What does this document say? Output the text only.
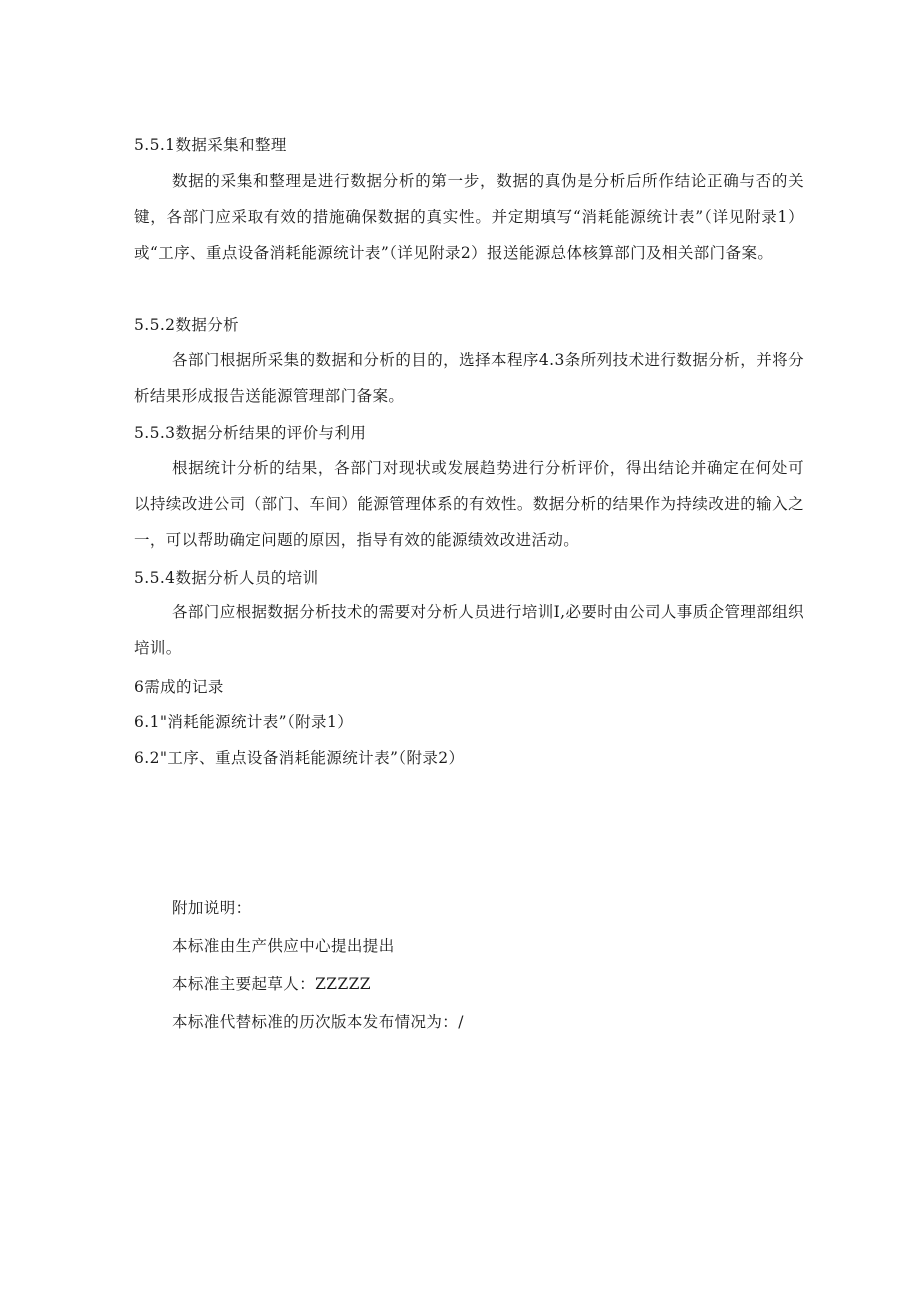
5.5.1数据采集和整理
数据的采集和整理是进行数据分析的第一步，数据的真伪是分析后所作结论正确与否的关键，各部门应采取有效的措施确保数据的真实性。并定期填写“消耗能源统计表”（详见附录1）或“工序、重点设备消耗能源统计表”（详见附录2）报送能源总体核算部门及相关部门备案。
5.5.2数据分析
各部门根据所采集的数据和分析的目的，选择本程序4.3条所列技术进行数据分析，并将分析结果形成报告送能源管理部门备案。
5.5.3数据分析结果的评价与利用
根据统计分析的结果，各部门对现状或发展趋势进行分析评价，得出结论并确定在何处可以持续改进公司（部门、车间）能源管理体系的有效性。数据分析的结果作为持续改进的输入之一，可以帮助确定问题的原因，指导有效的能源绩效改进活动。
5.5.4数据分析人员的培训
各部门应根据数据分析技术的需要对分析人员进行培训I,必要时由公司人事质企管理部组织培训。
6需成的记录
6.1"消耗能源统计表”（附录1）
6.2"工序、重点设备消耗能源统计表”（附录2）
附加说明：
本标准由生产供应中心提出提出
本标准主要起草人：ZZZZZ
本标准代替标准的历次版本发布情况为：/
